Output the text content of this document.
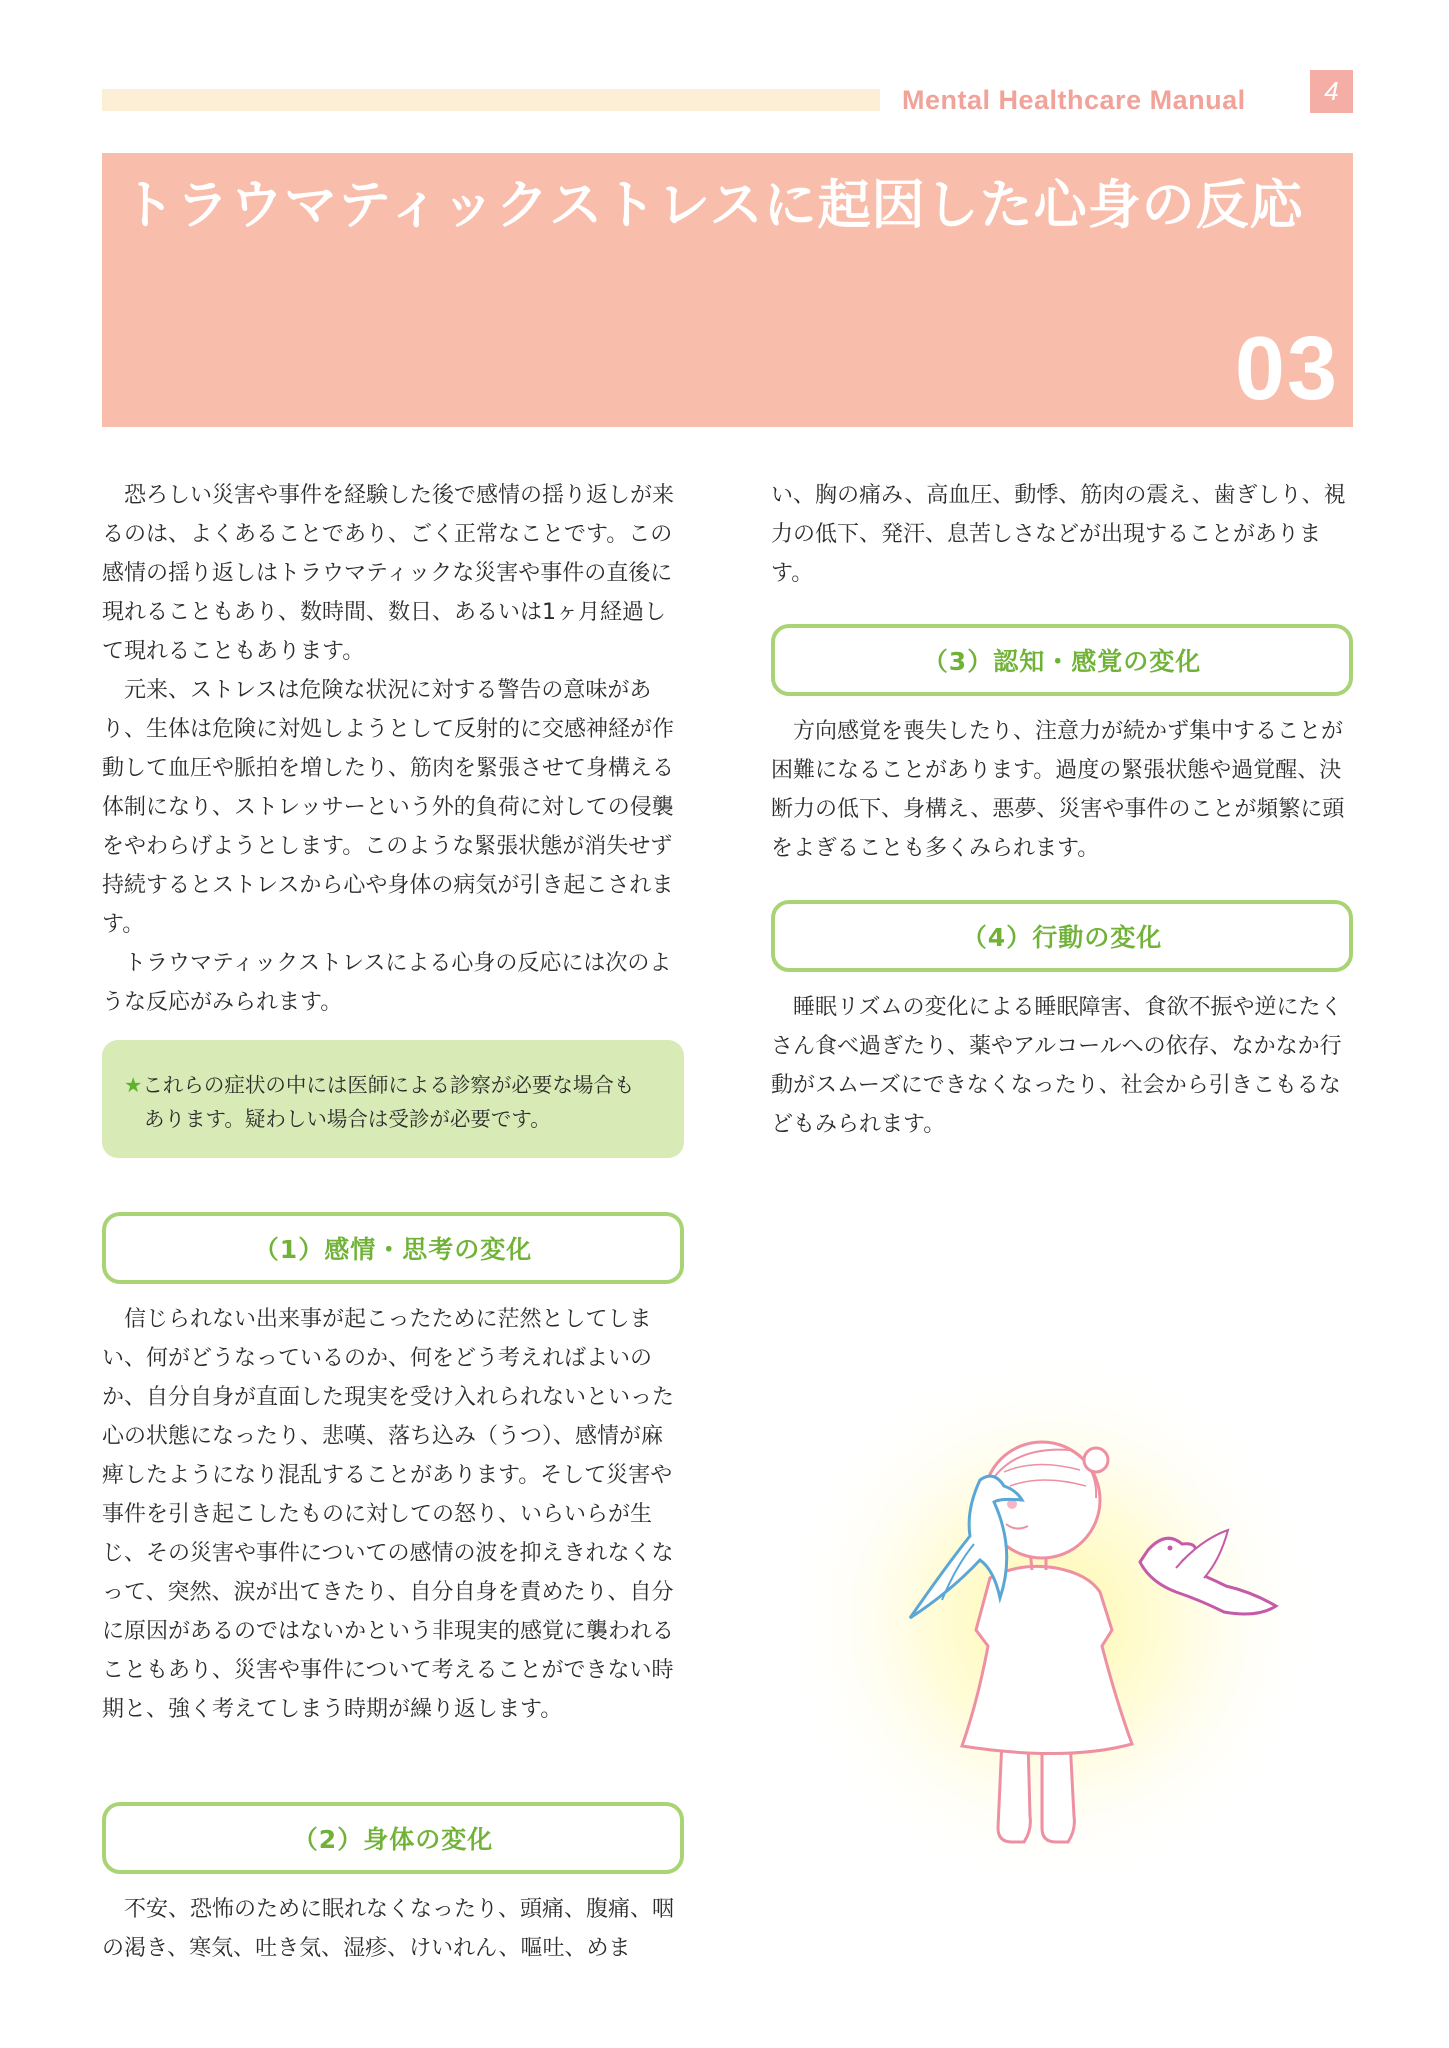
Mental Healthcare Manual	4
トラウマティックストレスに起因した心身の反応
03

恐ろしい災害や事件を経験した後で感情の揺り返しが来るのは、よくあることであり、ごく正常なことです。この感情の揺り返しはトラウマティックな災害や事件の直後に現れることもあり、数時間、数日、あるいは1ヶ月経過して現れることもあります。

元来、ストレスは危険な状況に対する警告の意味があり、生体は危険に対処しようとして反射的に交感神経が作動して血圧や脈拍を増したり、筋肉を緊張させて身構える体制になり、ストレッサーという外的負荷に対しての侵襲をやわらげようとします。このような緊張状態が消失せず持続するとストレスから心や身体の病気が引き起こされます。

トラウマティックストレスによる心身の反応には次のような反応がみられます。

★これらの症状の中には医師による診察が必要な場合も
あります。疑わしい場合は受診が必要です。
（1）感情・思考の変化

信じられない出来事が起こったために茫然としてしまい、何がどうなっているのか、何をどう考えればよいのか、自分自身が直面した現実を受け入れられないといった心の状態になったり、悲嘆、落ち込み（うつ）、感情が麻痺したようになり混乱することがあります。そして災害や事件を引き起こしたものに対しての怒り、いらいらが生じ、その災害や事件についての感情の波を抑えきれなくなって、突然、涙が出てきたり、自分自身を責めたり、自分に原因があるのではないかという非現実的感覚に襲われることもあり、災害や事件について考えることができない時期と、強く考えてしまう時期が繰り返します。

（2）身体の変化

不安、恐怖のために眠れなくなったり、頭痛、腹痛、咽の渇き、寒気、吐き気、湿疹、けいれん、嘔吐、めま

い、胸の痛み、高血圧、動悸、筋肉の震え、歯ぎしり、視力の低下、発汗、息苦しさなどが出現することがあります。

（3）認知・感覚の変化

方向感覚を喪失したり、注意力が続かず集中することが困難になることがあります。過度の緊張状態や過覚醒、決断力の低下、身構え、悪夢、災害や事件のことが頻繁に頭をよぎることも多くみられます。

（4）行動の変化

睡眠リズムの変化による睡眠障害、食欲不振や逆にたくさん食べ過ぎたり、薬やアルコールへの依存、なかなか行動がスムーズにできなくなったり、社会から引きこもるなどもみられます。
